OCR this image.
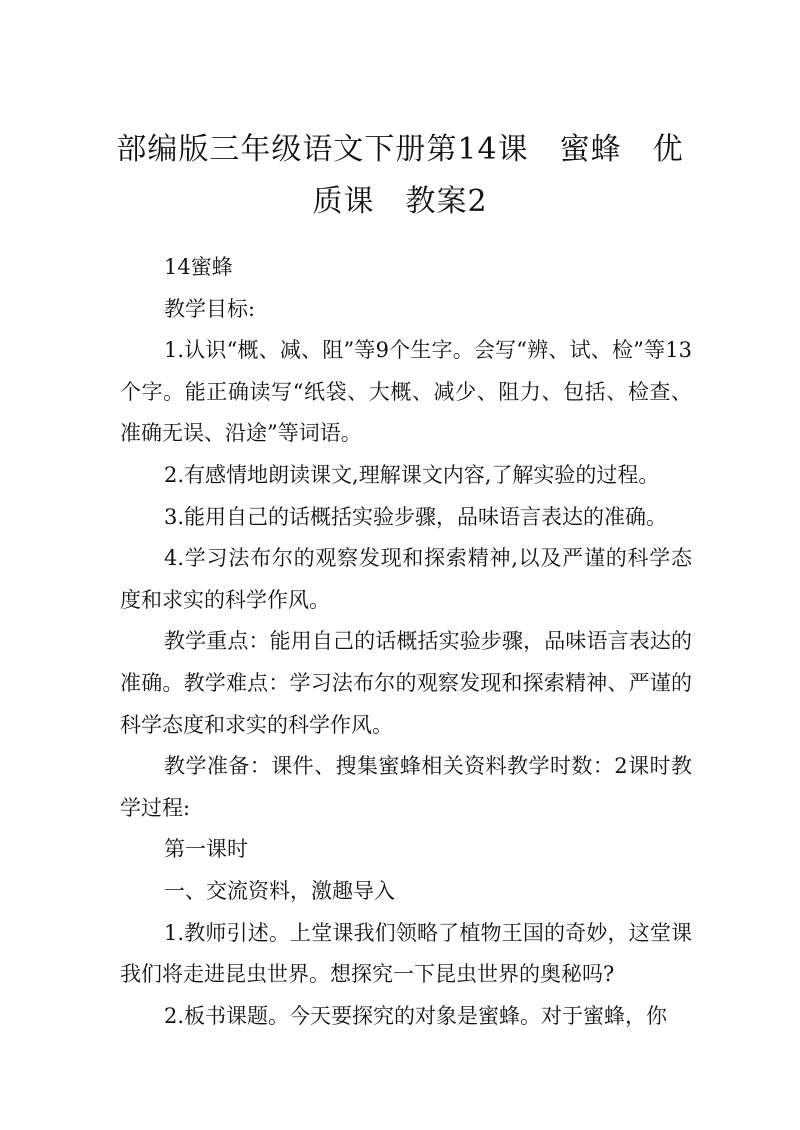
部编版三年级语文下册第14课　蜜蜂　优
质课　教案2

14蜜蜂

教学目标:

1.认识“概、减、阻”等9个生字。会写“辨、试、检”等13个字。能正确读写“纸袋、大概、减少、阻力、包括、检查、准确无误、沿途”等词语。

2.有感情地朗读课文,理解课文内容,了解实验的过程。

3.能用自己的话概括实验步骤，品味语言表达的准确。

4.学习法布尔的观察发现和探索精神,以及严谨的科学态度和求实的科学作风。

教学重点：能用自己的话概括实验步骤，品味语言表达的准确。教学难点：学习法布尔的观察发现和探索精神、严谨的科学态度和求实的科学作风。

教学准备：课件、搜集蜜蜂相关资料教学时数：2课时教学过程:

第一课时

一、交流资料，激趣导入

1.教师引述。上堂课我们领略了植物王国的奇妙，这堂课我们将走进昆虫世界。想探究一下昆虫世界的奥秘吗?

2.板书课题。今天要探究的对象是蜜蜂。对于蜜蜂，你
